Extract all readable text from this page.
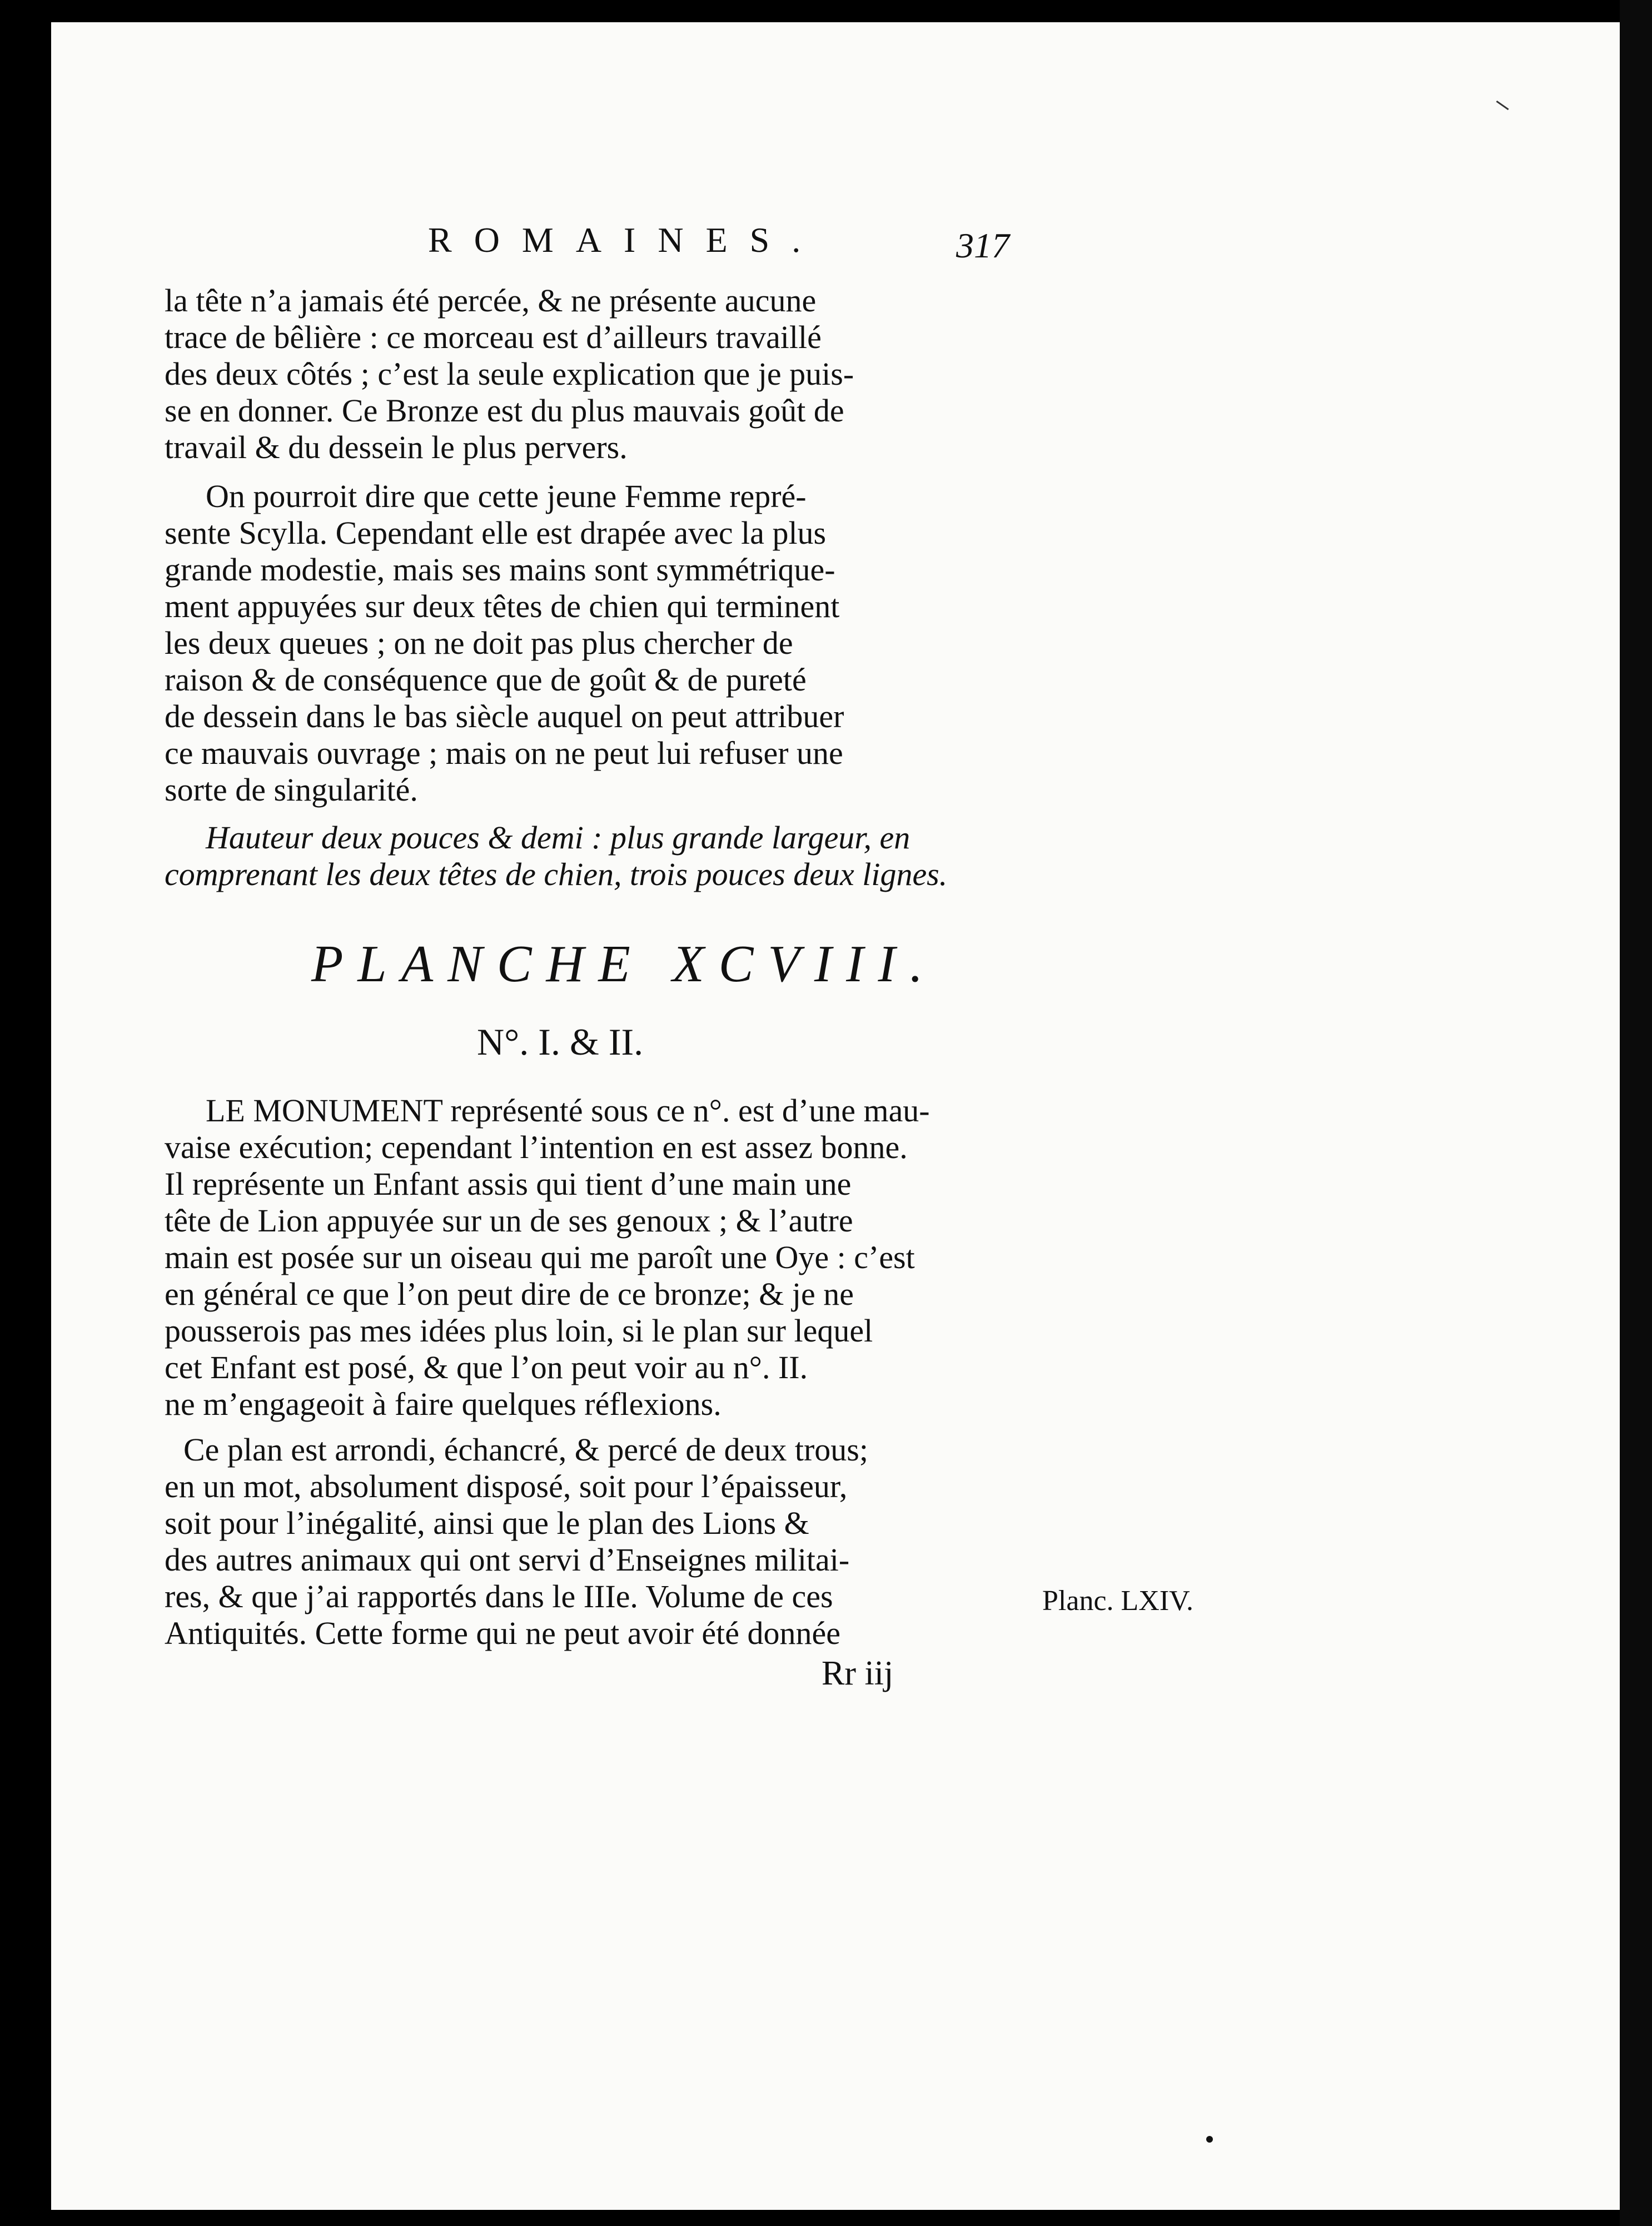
ROMAINES.	317
la tête n’a jamais été percée, & ne présente aucune
trace de bêlière : ce morceau est d’ailleurs travaillé
des deux côtés ; c’est la seule explication que je puis-
se en donner. Ce Bronze est du plus mauvais goût de
travail & du dessein le plus pervers.
On pourroit dire que cette jeune Femme repré-
sente Scylla. Cependant elle est drapée avec la plus
grande modestie, mais ses mains sont symmétrique-
ment appuyées sur deux têtes de chien qui terminent
les deux queues ; on ne doit pas plus chercher de
raison & de conséquence que de goût & de pureté
de dessein dans le bas siècle auquel on peut attribuer
ce mauvais ouvrage ; mais on ne peut lui refuser une
sorte de singularité.
Hauteur deux pouces & demi : plus grande largeur, en
comprenant les deux têtes de chien, trois pouces deux lignes.
PLANCHE XCVIII.
N°. I. & II.
LE MONUMENT représenté sous ce n°. est d’une mau-
vaise exécution; cependant l’intention en est assez bonne.
Il représente un Enfant assis qui tient d’une main une
tête de Lion appuyée sur un de ses genoux ; & l’autre
main est posée sur un oiseau qui me paroît une Oye : c’est
en général ce que l’on peut dire de ce bronze; & je ne
pousserois pas mes idées plus loin, si le plan sur lequel
cet Enfant est posé, & que l’on peut voir au n°. II.
ne m’engageoit à faire quelques réflexions.
Ce plan est arrondi, échancré, & percé de deux trous;
en un mot, absolument disposé, soit pour l’épaisseur,
soit pour l’inégalité, ainsi que le plan des Lions &
des autres animaux qui ont servi d’Enseignes militai-
res, & que j’ai rapportés dans le IIIe. Volume de ces
Antiquités. Cette forme qui ne peut avoir été donnée
Planc. LXIV.
Rr iij
